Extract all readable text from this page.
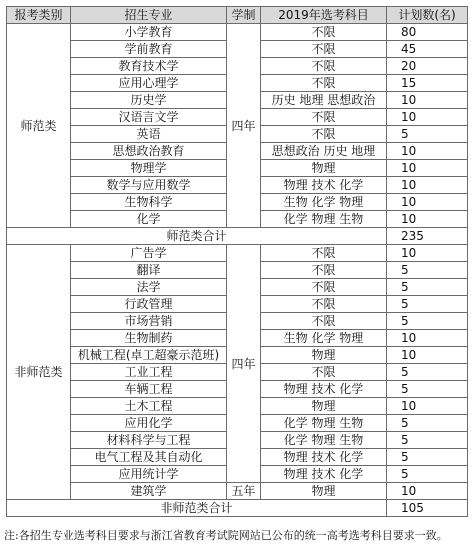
报考类别	招生专业	学制	2019年选考科目	计划数(名)
师范类	小学教育	四年	不限	80
	学前教育		不限	45
	教育技术学		不限	20
	应用心理学		不限	15
	历史学		历史 地理 思想政治	10
	汉语言文学		不限	10
	英语		不限	5
	思想政治教育		思想政治 历史 地理	10
	物理学		物理	10
	数学与应用数学		物理 技术 化学	10
	生物科学		生物 化学 物理	10
	化学		化学 物理 生物	10
师范类合计				235
非师范类	广告学	四年	不限	10
	翻译		不限	5
	法学		不限	5
	行政管理		不限	5
	市场营销		不限	5
	生物制药		生物 化学 物理	10
	机械工程(卓工超豪示范班)		物理	10
	工业工程		不限	5
	车辆工程		物理 技术 化学	5
	土木工程		物理	10
	应用化学		化学 物理 生物	5
	材料科学与工程		化学 物理 生物	5
	电气工程及其自动化		物理 技术 化学	5
	应用统计学		物理 技术 化学	5
	建筑学	五年	物理	10
非师范类合计				105
注:各招生专业选考科目要求与浙江省教育考试院网站已公布的统一高考选考科目要求一致。
